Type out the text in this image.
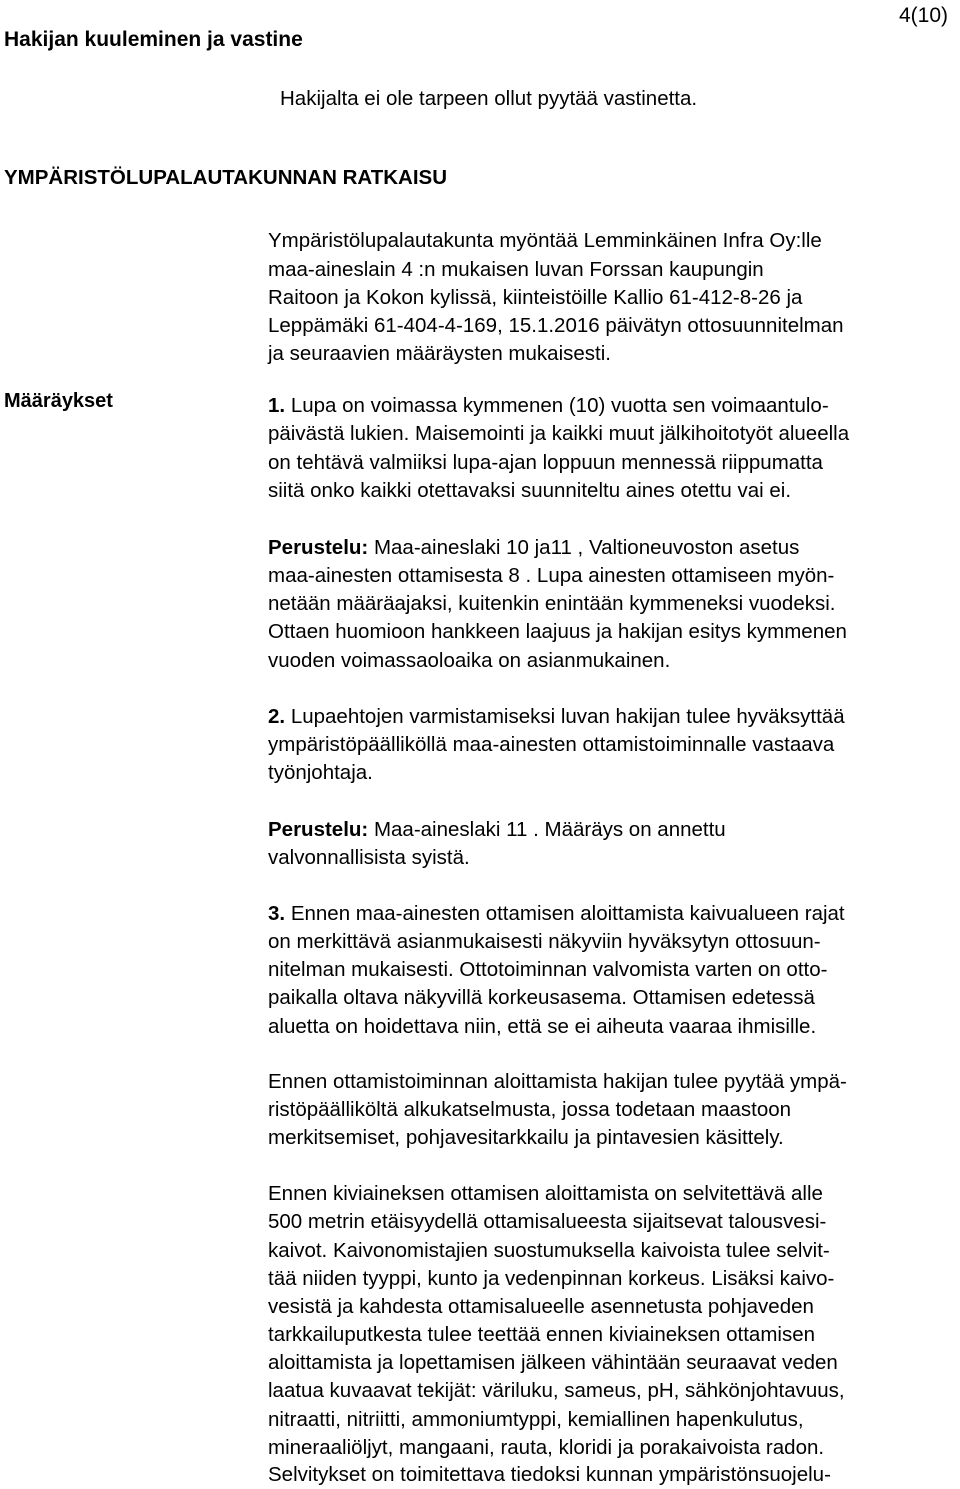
Hakijan kuuleminen ja vastine
4(10)
Hakijalta ei ole tarpeen ollut pyytää vastinetta.
YMPÄRISTÖLUPALAUTAKUNNAN RATKAISU
Ympäristölupalautakunta myöntää Lemminkäinen Infra Oy:lle
maa-aineslain 4 :n mukaisen luvan Forssan kaupungin
Raitoon ja Kokon kylissä, kiinteistöille Kallio 61-412-8-26 ja
Leppämäki 61-404-4-169, 15.1.2016 päivätyn ottosuunnitelman
ja seuraavien määräysten mukaisesti.
Määräykset	1. Lupa on voimassa kymmenen (10) vuotta sen voimaantulo-
päivästä lukien. Maisemointi ja kaikki muut jälkihoitotyöt alueella
on tehtävä valmiiksi lupa-ajan loppuun mennessä riippumatta
siitä onko kaikki otettavaksi suunniteltu aines otettu vai ei.
Perustelu: Maa-aineslaki 10 ja11 , Valtioneuvoston asetus
maa-ainesten ottamisesta 8 . Lupa ainesten ottamiseen myön-
netään määräajaksi, kuitenkin enintään kymmeneksi vuodeksi.
Ottaen huomioon hankkeen laajuus ja hakijan esitys kymmenen
vuoden voimassaoloaika on asianmukainen.
2. Lupaehtojen varmistamiseksi luvan hakijan tulee hyväksyttää
ympäristöpäälliköllä maa-ainesten ottamistoiminnalle vastaava
työnjohtaja.
Perustelu: Maa-aineslaki 11 . Määräys on annettu
valvonnallisista syistä.
3. Ennen maa-ainesten ottamisen aloittamista kaivualueen rajat
on merkittävä asianmukaisesti näkyviin hyväksytyn ottosuun-
nitelman mukaisesti. Ottotoiminnan valvomista varten on otto-
paikalla oltava näkyvillä korkeusasema. Ottamisen edetessä
aluetta on hoidettava niin, että se ei aiheuta vaaraa ihmisille.
Ennen ottamistoiminnan aloittamista hakijan tulee pyytää ympä-
ristöpäälliköltä alkukatselmusta, jossa todetaan maastoon
merkitsemiset, pohjavesitarkkailu ja pintavesien käsittely.
Ennen kiviaineksen ottamisen aloittamista on selvitettävä alle
500 metrin etäisyydellä ottamisalueesta sijaitsevat talousvesi-
kaivot. Kaivonomistajien suostumuksella kaivoista tulee selvit-
tää niiden tyyppi, kunto ja vedenpinnan korkeus. Lisäksi kaivo-
vesistä ja kahdesta ottamisalueelle asennetusta pohjaveden
tarkkailuputkesta tulee teettää ennen kiviaineksen ottamisen
aloittamista ja lopettamisen jälkeen vähintään seuraavat veden
laatua kuvaavat tekijät: väriluku, sameus, pH, sähkönjohtavuus,
nitraatti, nitriitti, ammoniumtyppi, kemiallinen hapenkulutus,
mineraaliöljyt, mangaani, rauta, kloridi ja porakaivoista radon.
Selvitykset on toimitettava tiedoksi kunnan ympäristönsuojelu-
